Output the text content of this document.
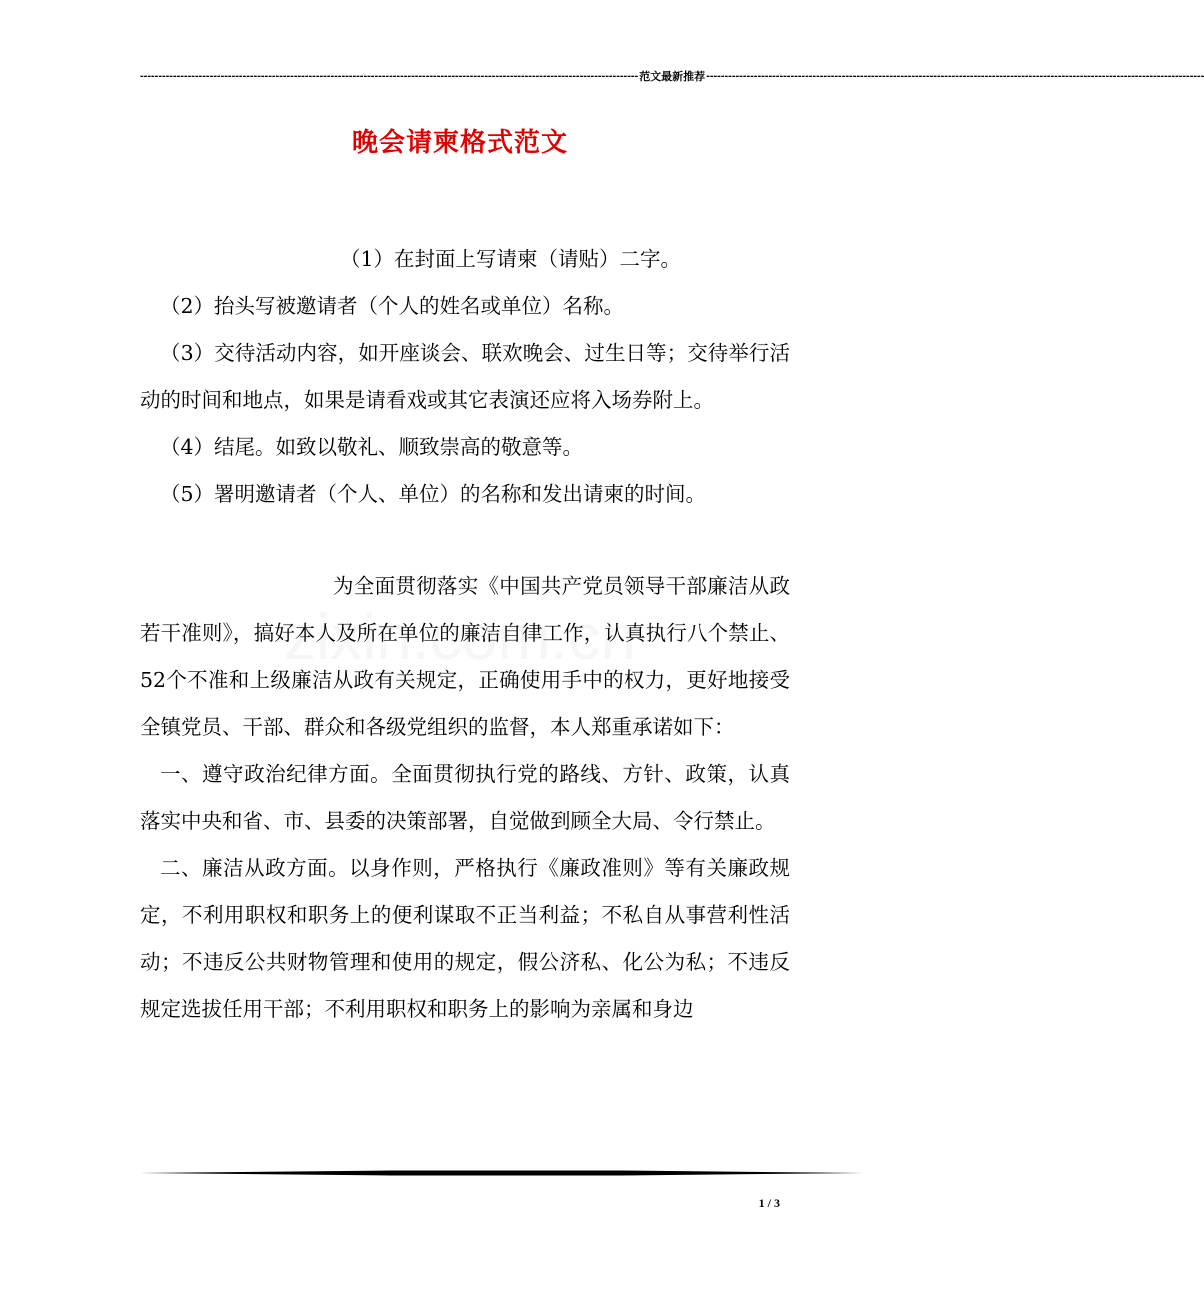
---------------------------------------------------------------------------------------------------------------------------------------- 范文最新推荐 ----------------------------------------------------------------------------------------------------------------------------------------
晚会请柬格式范文

（1）在封面上写请柬（请贴）二字。

（2）抬头写被邀请者（个人的姓名或单位）名称。

（3）交待活动内容，如开座谈会、联欢晚会、过生日等；交待举行活动的时间和地点，如果是请看戏或其它表演还应将入场券附上。

（4）结尾。如致以敬礼、顺致崇高的敬意等。

（5）署明邀请者（个人、单位）的名称和发出请柬的时间。

为全面贯彻落实《中国共产党员领导干部廉洁从政若干准则》，搞好本人及所在单位的廉洁自律工作，认真执行八个禁止、52个不准和上级廉洁从政有关规定，正确使用手中的权力，更好地接受全镇党员、干部、群众和各级党组织的监督，本人郑重承诺如下：

一、遵守政治纪律方面。全面贯彻执行党的路线、方针、政策，认真落实中央和省、市、县委的决策部署，自觉做到顾全大局、令行禁止。

二、廉洁从政方面。以身作则，严格执行《廉政准则》等有关廉政规定，不利用职权和职务上的便利谋取不正当利益；不私自从事营利性活动；不违反公共财物管理和使用的规定，假公济私、化公为私；不违反规定选拔任用干部；不利用职权和职务上的影响为亲属和身边

1 / 3
